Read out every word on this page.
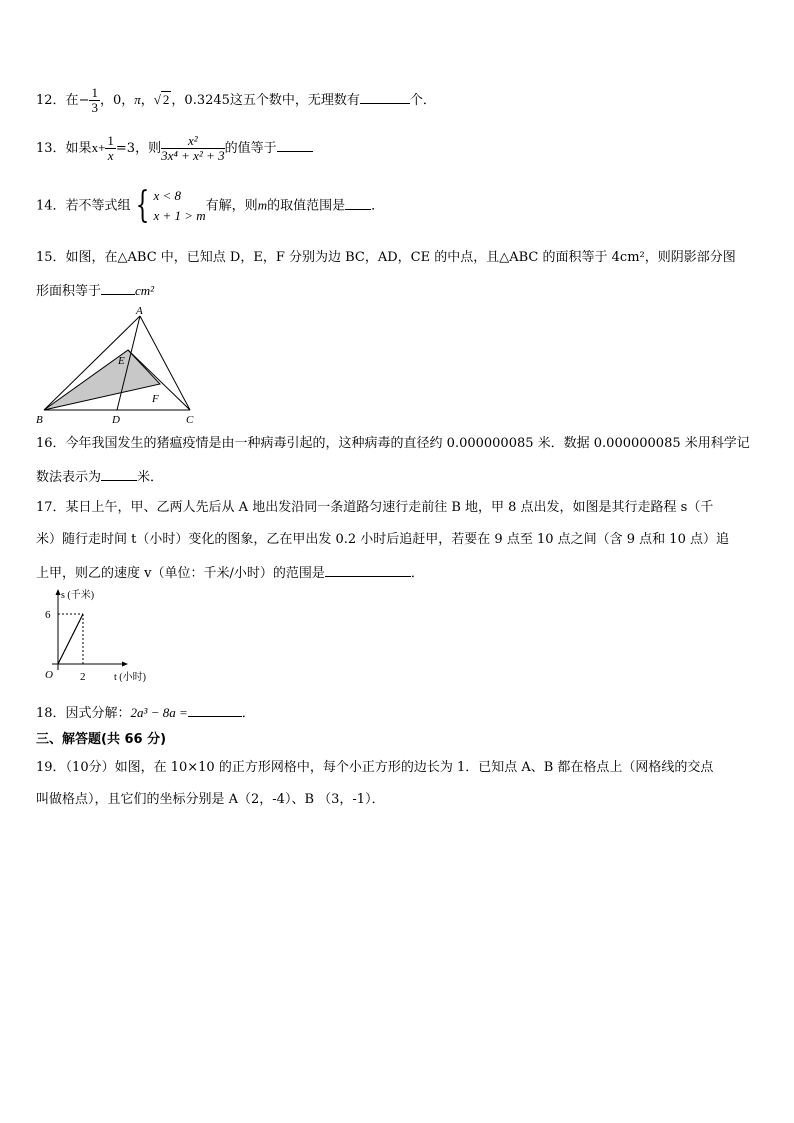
12．在− $\frac{1}{3}$ ，0，π，√ 2 ，0.3245这五个数中，无理数有	个．
13．如果$x+ \frac{1}{x} =3$，则 $\frac{\text{x²}}{\text{3x⁴ + x² + 3}}$ 的值等于
14．若不等式组 { x < 8
x + 1 > m
有解，则m的取值范围是 ．
15．如图，在△ABC 中，已知点 D，E，F 分别为边 BC，AD，CE 的中点，且△ABC 的面积等于 4cm²，则阴影部分图
形面积等于	cm²
A
B	C
D
E
F
16．今年我国发生的猪瘟疫情是由一种病毒引起的，这种病毒的直径约 0.000000085 米．数据 0.000000085 米用科学记
数法表示为	米．
17．某日上午，甲、乙两人先后从 A 地出发沿同一条道路匀速行走前往 B 地，甲 8 点出发，如图是其行走路程 s（千
米）随行走时间 t（小时）变化的图象，乙在甲出发 0.2 小时后追赶甲，若要在 9 点至 10 点之间（含 9 点和 10 点）追
上甲，则乙的速度 v（单位：千米/小时）的范围是	．
s (千米)
t (小时)
O
6
2
18．因式分解：2a³ − 8a =	．
三、解答题(共 66 分)
19．（10分）如图，在 10×10 的正方形网格中，每个小正方形的边长为 1．已知点 A、B 都在格点上（网格线的交点
叫做格点），且它们的坐标分别是 A（2，-4）、B （3，-1）．
